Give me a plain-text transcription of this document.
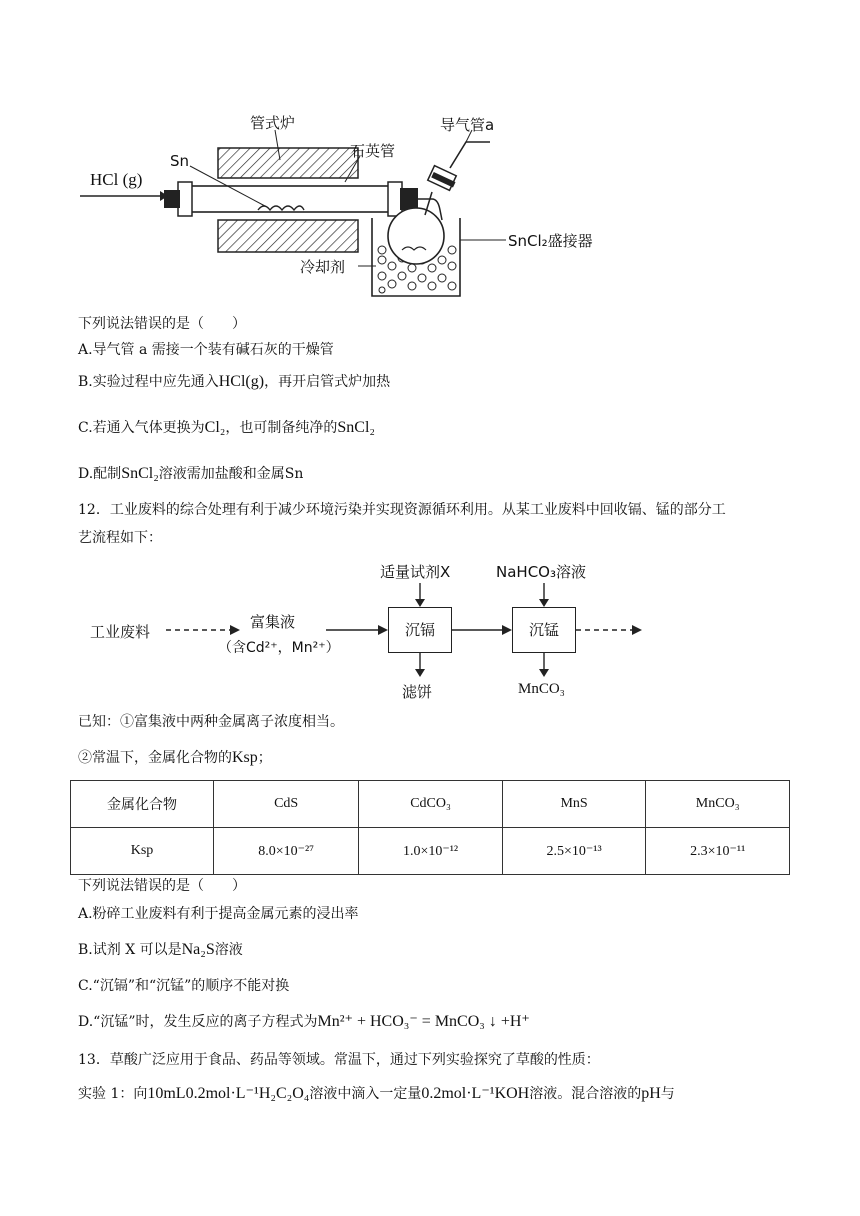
管式炉
Sn
HCl (g)
石英管
导气管a
SnCl₂盛接器
冷却剂
下列说法错误的是（　　）
A.导气管 a 需接一个装有碱石灰的干燥管
B.实验过程中应先通入HCl(g)，再开启管式炉加热
C.若通入气体更换为Cl₂，也可制备纯净的SnCl₂
D.配制SnCl₂溶液需加盐酸和金属Sn
12．工业废料的综合处理有利于减少环境污染并实现资源循环利用。从某工业废料中回收镉、锰的部分工
艺流程如下：
工业废料
富集液
（含Cd²⁺，Mn²⁺）
适量试剂X	NaHCO₃溶液
沉镉	沉锰
滤饼	MnCO₃
已知：①富集液中两种金属离子浓度相当。
②常温下，金属化合物的Ksp；
金属化合物	CdS	CdCO₃	MnS	MnCO₃
Ksp	8.0×10⁻²⁷	1.0×10⁻¹²	2.5×10⁻¹³	2.3×10⁻¹¹
下列说法错误的是（　　）
A.粉碎工业废料有利于提高金属元素的浸出率
B.试剂 X 可以是Na₂S溶液
C.“沉镉”和“沉锰”的顺序不能对换
D.“沉锰”时，发生反应的离子方程式为Mn²⁺ + HCO₃⁻ = MnCO₃ ↓ +H⁺
13．草酸广泛应用于食品、药品等领域。常温下，通过下列实验探究了草酸的性质：
实验 1：向10mL0.2mol·L⁻¹H₂C₂O₄溶液中滴入一定量0.2mol·L⁻¹KOH溶液。混合溶液的pH与
